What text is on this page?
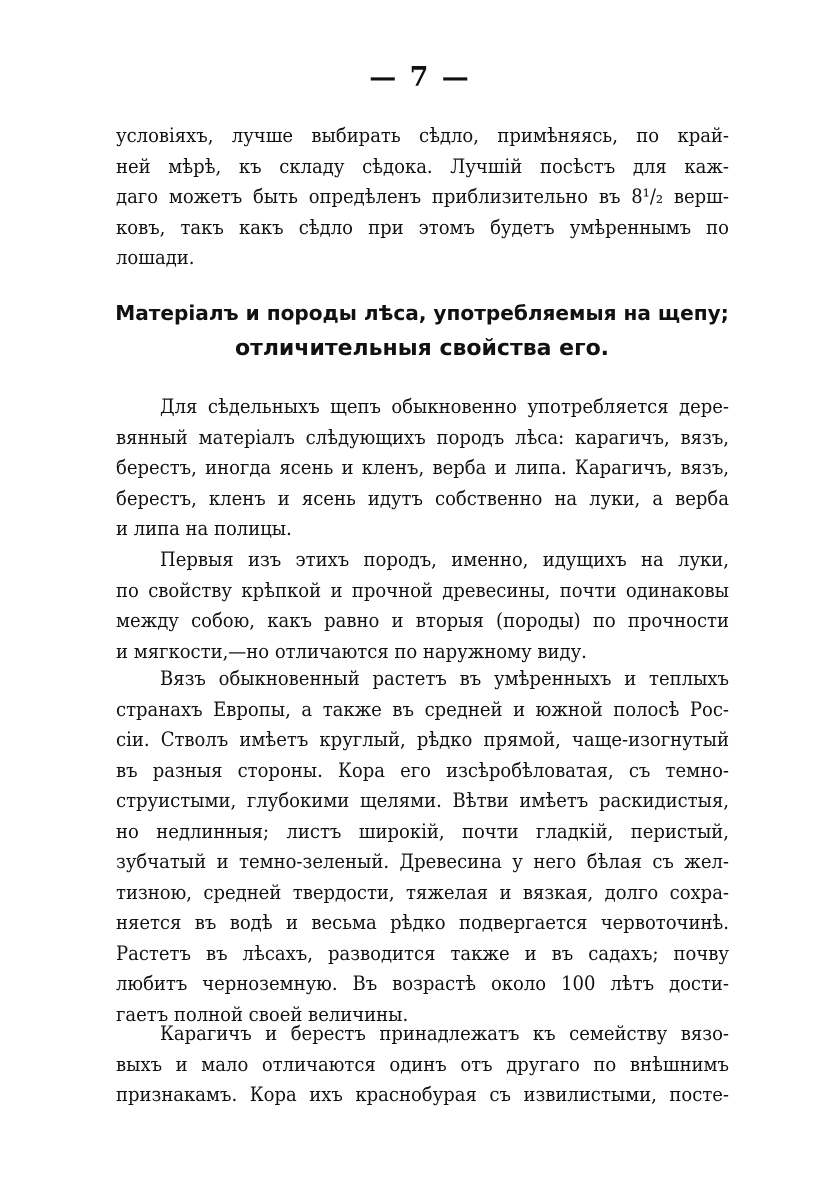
— 7 —
условіяхъ, лучше выбирать сѣдло, примѣняясь, по край-
ней мѣрѣ, къ складу сѣдока. Лучшій посѣстъ для каж-
даго можетъ быть опредѣленъ приблизительно въ 8¹/₂ верш-
ковъ, такъ какъ сѣдло при этомъ будетъ умѣреннымъ по
лошади.
Матеріалъ и породы лѣса, употребляемыя на щепу;
отличительныя свойства его.
Для сѣдельныхъ щепъ обыкновенно употребляется дере-
вянный матеріалъ слѣдующихъ породъ лѣса: карагичъ, вязъ,
берестъ, иногда ясень и кленъ, верба и липа. Карагичъ, вязъ,
берестъ, кленъ и ясень идутъ собственно на луки, а верба
и липа на полицы.
Первыя изъ этихъ породъ, именно, идущихъ на луки,
по свойству крѣпкой и прочной древесины, почти одинаковы
между собою, какъ равно и вторыя (породы) по прочности
и мягкости,—но отличаются по наружному виду.
Вязъ обыкновенный растетъ въ умѣренныхъ и теплыхъ
странахъ Европы, а также въ средней и южной полосѣ Рос-
сіи. Стволъ имѣетъ круглый, рѣдко прямой, чаще-изогнутый
въ разныя стороны. Кора его изсѣробѣловатая, съ темно-
струистыми, глубокими щелями. Вѣтви имѣетъ раскидистыя,
но недлинныя; листъ широкій, почти гладкій, перистый,
зубчатый и темно-зеленый. Древесина у него бѣлая съ жел-
тизною, средней твердости, тяжелая и вязкая, долго сохра-
няется въ водѣ и весьма рѣдко подвергается червоточинѣ.
Растетъ въ лѣсахъ, разводится также и въ садахъ; почву
любитъ черноземную. Въ возрастѣ около 100 лѣтъ дости-
гаетъ полной своей величины.
Карагичъ и берестъ принадлежатъ къ семейству вязо-
выхъ и мало отличаются одинъ отъ другаго по внѣшнимъ
признакамъ. Кора ихъ краснобурая съ извилистыми, посте-
